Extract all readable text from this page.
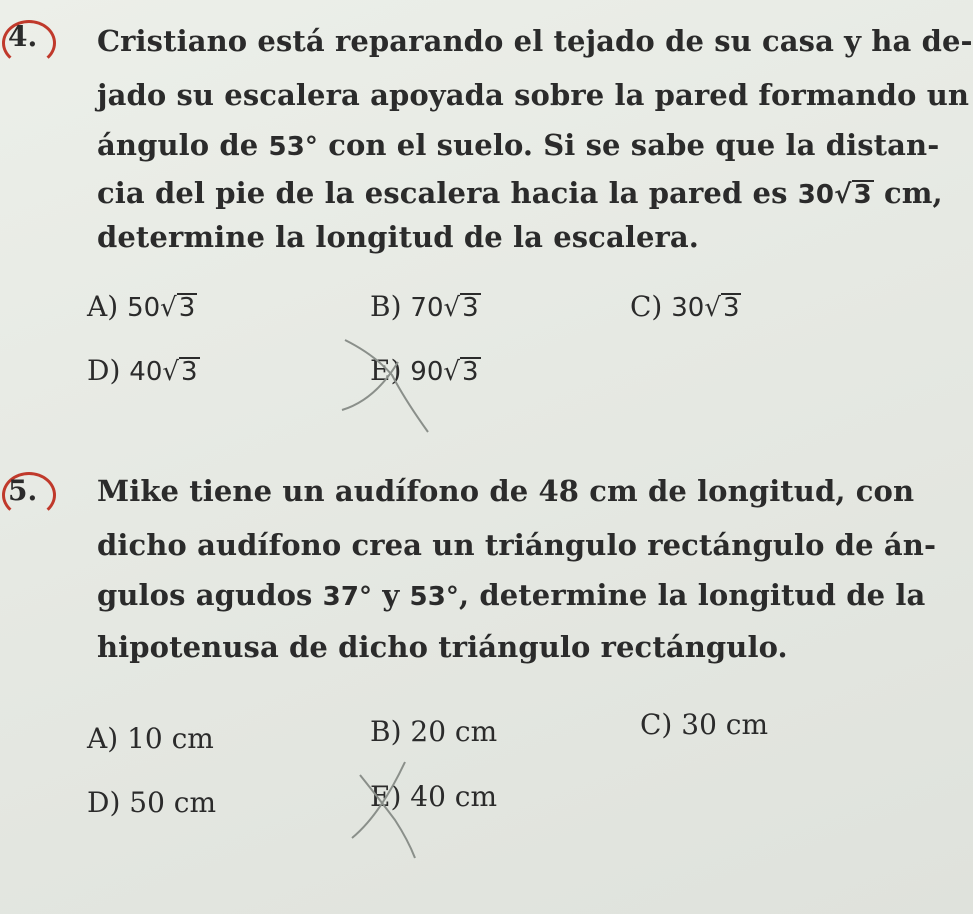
4. Cristiano está reparando el tejado de su casa y ha de-
jado su escalera apoyada sobre la pared formando un
ángulo de 53° con el suelo. Si se sabe que la distan-
cia del pie de la escalera hacia la pared es 30√3 cm,
determine la longitud de la escalera.
A) 50√3	B) 70√3	C) 30√3
D) 40√3	E) 90√3
5. Mike tiene un audífono de 48 cm de longitud, con
dicho audífono crea un triángulo rectángulo de án-
gulos agudos 37° y 53°, determine la longitud de la
hipotenusa de dicho triángulo rectángulo.
A) 10 cm	B) 20 cm	C) 30 cm
D) 50 cm	E) 40 cm
